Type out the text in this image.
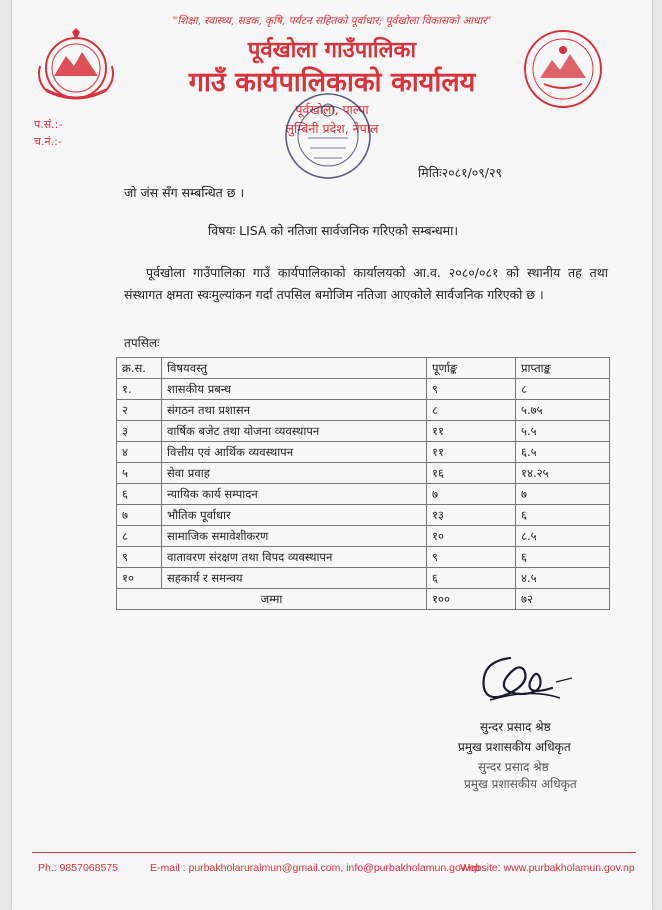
"शिक्षा, स्वास्थ्य, सडक, कृषि, पर्यटन सहितको पूर्वाधार; पूर्वखोला विकासको आधार"
पूर्वखोला गाउँपालिका
गाउँ कार्यपालिकाको कार्यालय
पूर्वखोला, पाल्पा
लुम्बिनी प्रदेश, नेपाल
प.सं.:-
च.नं.:-
मितिः२०८१/०९/२९
जो जंस सँग सम्बन्धित छ ।
विषयः LISA को नतिजा सार्वजनिक गरिएको सम्बन्धमा।
पूर्वखोला गाउँपालिका गाउँ कार्यपालिकाको कार्यालयको आ.व. २०८०/०८१ को स्थानीय तह तथा संस्थागत क्षमता स्वःमुल्यांकन गर्दा तपसिल बमोजिम नतिजा आएकोले सार्वजनिक गरिएको छ ।
तपसिलः
क्र.स.	विषयवस्तु	पूर्णाङ्क	प्राप्ताङ्क
१.	शासकीय प्रबन्ध	९	८
२	संगठन तथा प्रशासन	८	५.७५
३	वार्षिक बजेट तथा योजना व्यवस्थापन	११	५.५
४	वित्तीय एवं आर्थिक व्यवस्थापन	११	६.५
५	सेवा प्रवाह	१६	१४.२५
६	न्यायिक कार्य सम्पादन	७	७
७	भौतिक पूर्वाधार	१३	६
८	सामाजिक समावेशीकरण	१०	८.५
९	वातावरण संरक्षण तथा विपद व्यवस्थापन	९	६
१०	सहकार्य र समन्वय	६	४.५
जम्मा		१००	७२
सुन्दर प्रसाद श्रेष्ठ
प्रमुख प्रशासकीय अधिकृत
सुन्दर प्रसाद श्रेष्ठ
प्रमुख प्रशासकीय अधिकृत
Ph.: 9857068575	E-mail : purbakholaruralmun@gmail.com, info@purbakholamun.gov.np
Website: www.purbakholamun.gov.np
